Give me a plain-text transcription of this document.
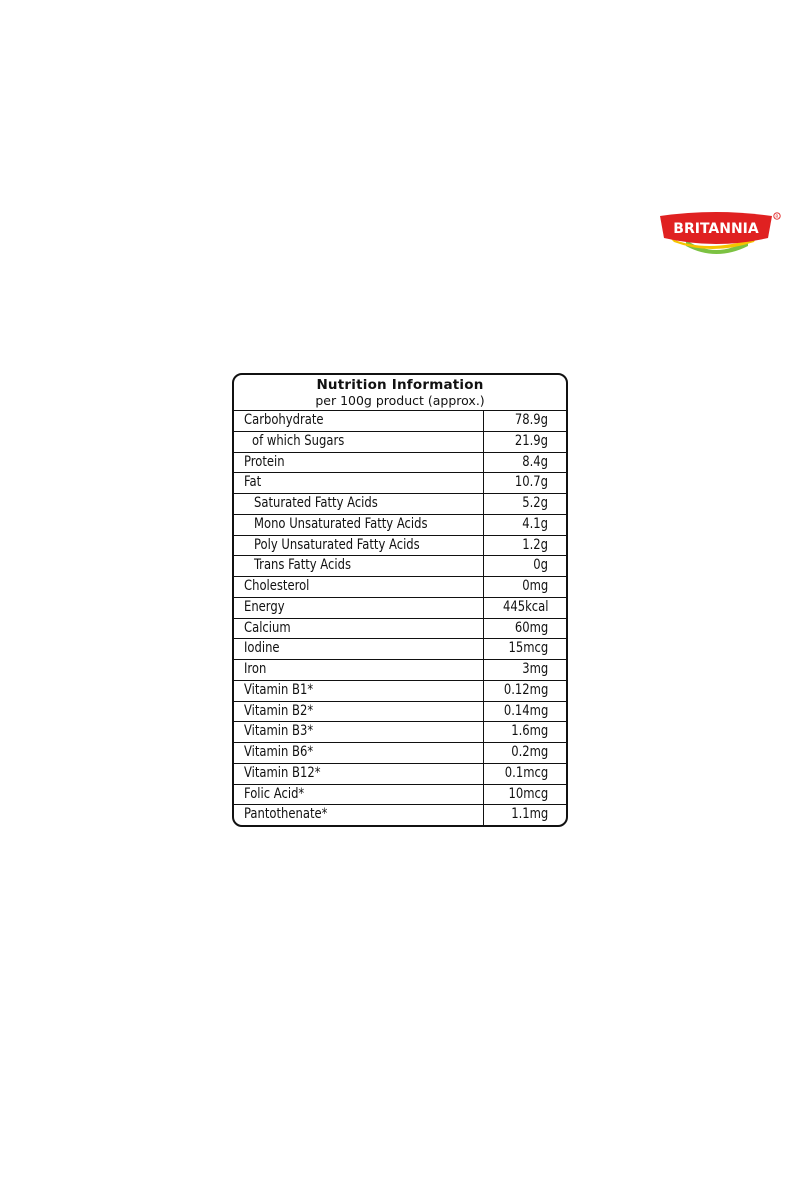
BRITANNIA
R
Nutrition Information
per 100g product (approx.)
Carbohydrate	78.9g
of which Sugars	21.9g
Protein	8.4g
Fat	10.7g
Saturated Fatty Acids	5.2g
Mono Unsaturated Fatty Acids	4.1g
Poly Unsaturated Fatty Acids	1.2g
Trans Fatty Acids	0g
Cholesterol	0mg
Energy	445kcal
Calcium	60mg
Iodine	15mcg
Iron	3mg
Vitamin B1*	0.12mg
Vitamin B2*	0.14mg
Vitamin B3*	1.6mg
Vitamin B6*	0.2mg
Vitamin B12*	0.1mcg
Folic Acid*	10mcg
Pantothenate*	1.1mg
